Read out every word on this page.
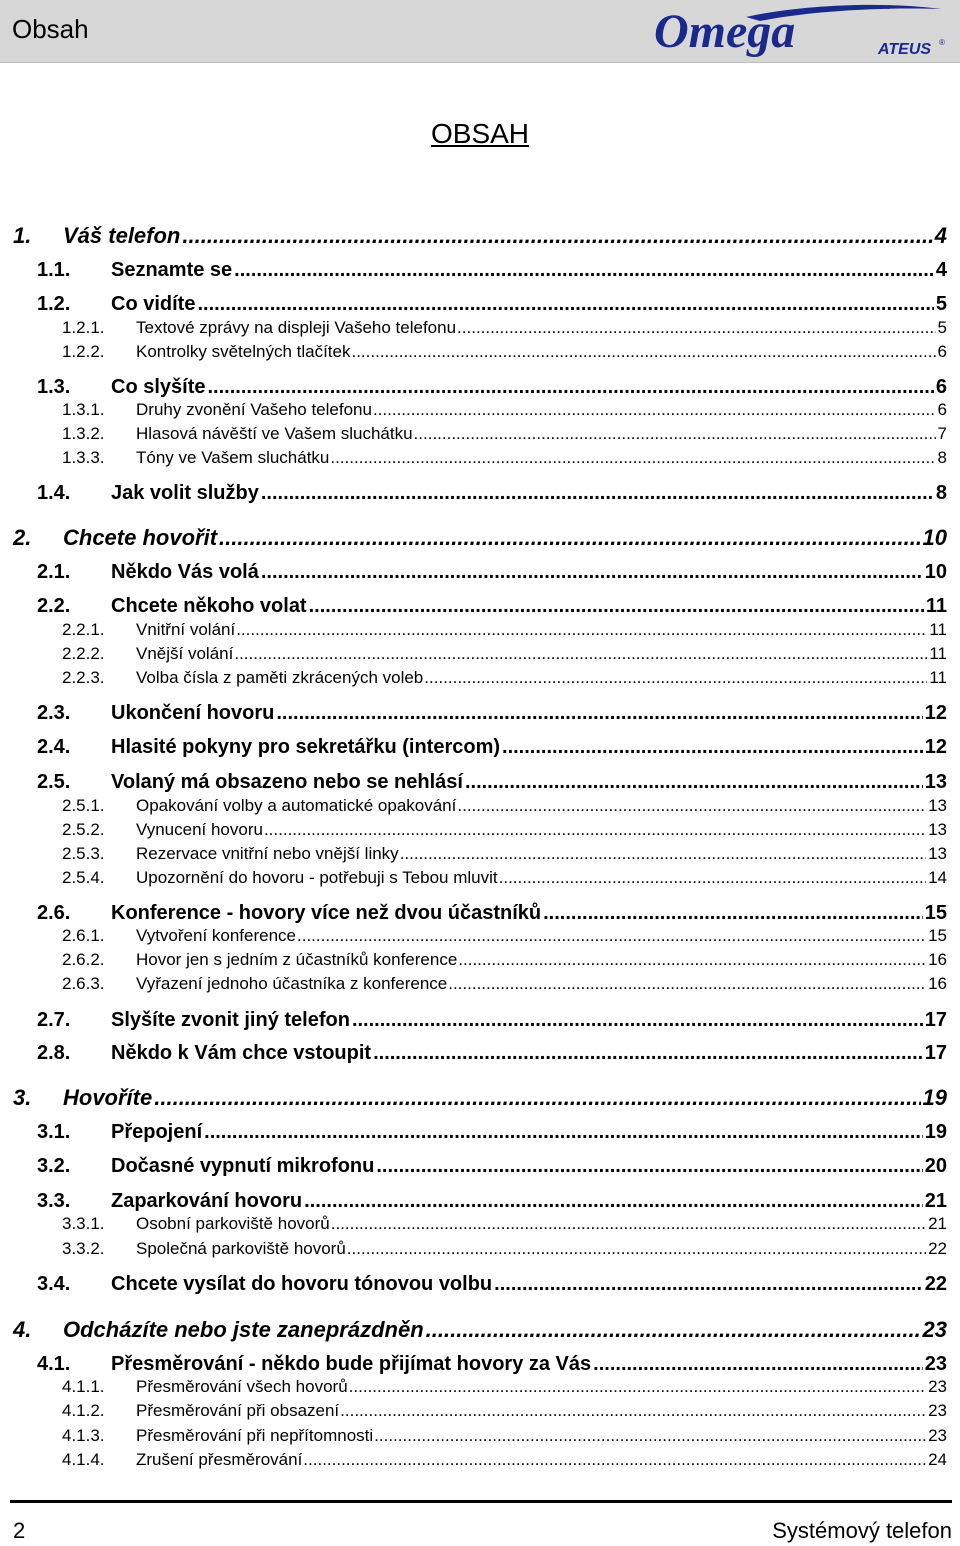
Obsah	Omega	ATEUS ®
OBSAH
1.	Váš telefon .....	4
1.1.	Seznamte se .....	4
1.2.	Co vidíte .....	5
1.2.1.	Textové zprávy na displeji Vašeho telefonu .....	5
1.2.2.	Kontrolky světelných tlačítek .....	6
1.3.	Co slyšíte .....	6
1.3.1.	Druhy zvonění Vašeho telefonu .....	6
1.3.2.	Hlasová návěští ve Vašem sluchátku .....	7
1.3.3.	Tóny ve Vašem sluchátku .....	8
1.4.	Jak volit služby .....	8
2.	Chcete hovořit .....	10
2.1.	Někdo Vás volá .....	10
2.2.	Chcete někoho volat .....	11
2.2.1.	Vnitřní volání .....	11
2.2.2.	Vnější volání .....	11
2.2.3.	Volba čísla z paměti zkrácených voleb .....	11
2.3.	Ukončení hovoru .....	12
2.4.	Hlasité pokyny pro sekretářku (intercom) .....	12
2.5.	Volaný má obsazeno nebo se nehlásí .....	13
2.5.1.	Opakování volby a automatické opakování .....	13
2.5.2.	Vynucení hovoru .....	13
2.5.3.	Rezervace vnitřní nebo vnější linky .....	13
2.5.4.	Upozornění do hovoru - potřebuji s Tebou mluvit .....	14
2.6.	Konference - hovory více než dvou účastníků .....	15
2.6.1.	Vytvoření konference .....	15
2.6.2.	Hovor jen s jedním z účastníků konference .....	16
2.6.3.	Vyřazení jednoho účastníka z konference .....	16
2.7.	Slyšíte zvonit jiný telefon .....	17
2.8.	Někdo k Vám chce vstoupit .....	17
3.	Hovoříte .....	19
3.1.	Přepojení .....	19
3.2.	Dočasné vypnutí mikrofonu .....	20
3.3.	Zaparkování hovoru .....	21
3.3.1.	Osobní parkoviště hovorů .....	21
3.3.2.	Společná parkoviště hovorů .....	22
3.4.	Chcete vysílat do hovoru tónovou volbu .....	22
4.	Odcházíte nebo jste zaneprázdněn .....	23
4.1.	Přesměrování - někdo bude přijímat hovory za Vás .....	23
4.1.1.	Přesměrování všech hovorů .....	23
4.1.2.	Přesměrování při obsazení .....	23
4.1.3.	Přesměrování při nepřítomnosti .....	23
4.1.4.	Zrušení přesměrování .....	24
2	Systémový telefon
